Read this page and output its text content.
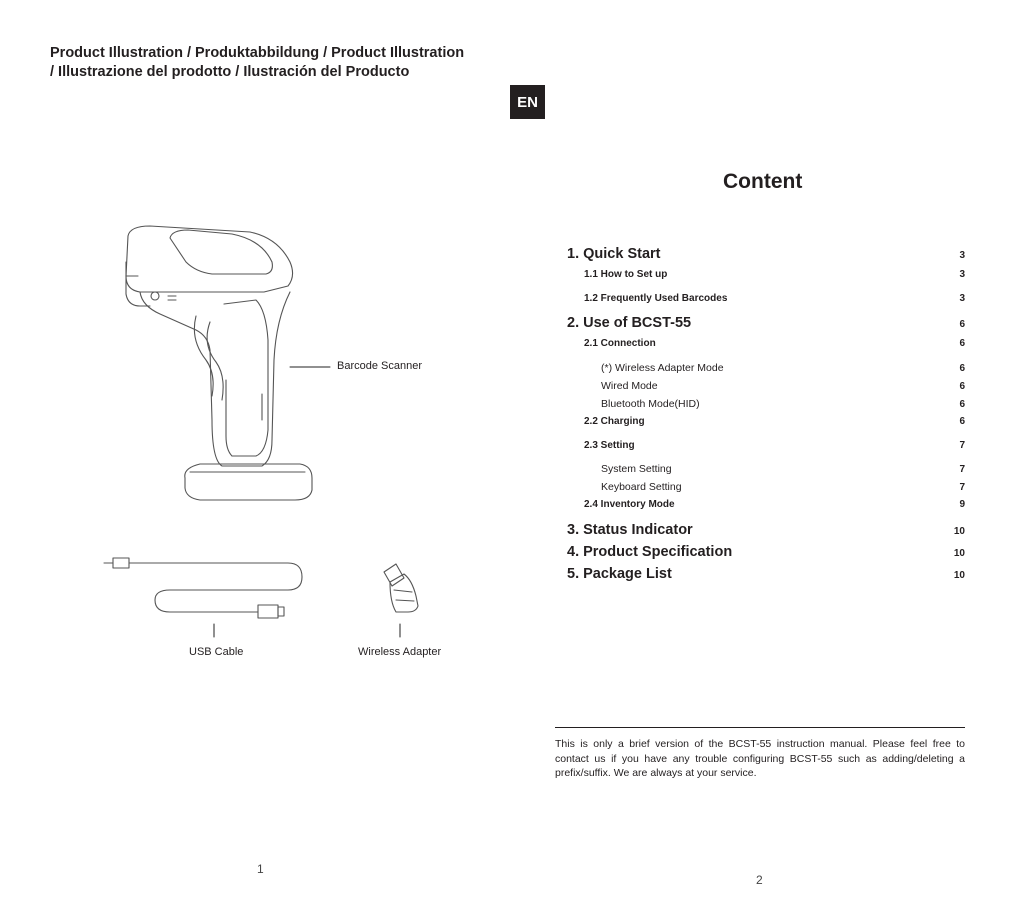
Product Illustration / Produktabbildung / Product Illustration
/ Illustrazione del prodotto / Ilustración del Producto
EN
Barcode Scanner
USB Cable	Wireless Adapter
1
Content
1. Quick Start	3
1.1 How to Set up	3
1.2 Frequently Used Barcodes	3
2. Use of BCST-55	6
2.1 Connection	6
(*) Wireless Adapter Mode	6
Wired Mode	6
Bluetooth Mode(HID)	6
2.2 Charging	6
2.3 Setting	7
System Setting	7
Keyboard Setting	7
2.4 Inventory Mode	9
3. Status Indicator	10
4. Product Specification	10
5. Package List	10

This is only a brief version of the BCST-55 instruction manual. Please feel free to contact us if you have any trouble configuring BCST-55 such as adding/deleting a prefix/suffix. We are always at your service.

2
